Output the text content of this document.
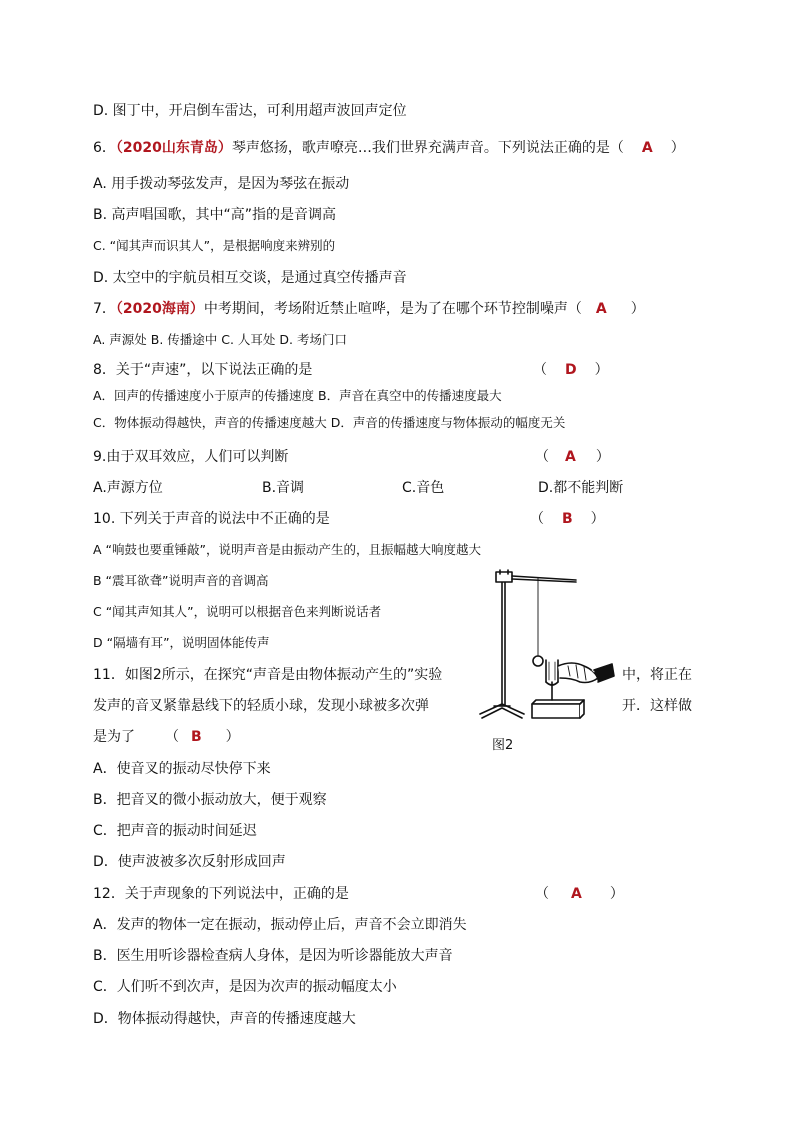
D. 图丁中，开启倒车雷达，可利用超声波回声定位
6．（2020山东青岛）琴声悠扬，歌声嘹亮…我们世界充满声音。下列说法正确的是（ A ）
A. 用手拨动琴弦发声，是因为琴弦在振动
B. 高声唱国歌，其中“高”指的是音调高
C. “闻其声而识其人”，是根据响度来辨别的
D. 太空中的宇航员相互交谈，是通过真空传播声音
7．（2020海南）中考期间，考场附近禁止喧哗，是为了在哪个环节控制噪声（ A ）
A. 声源处 B. 传播途中 C. 人耳处 D. 考场门口
8．关于“声速”，以下说法正确的是	（ D ）
A．回声的传播速度小于原声的传播速度 B．声音在真空中的传播速度最大
C．物体振动得越快，声音的传播速度越大 D．声音的传播速度与物体振动的幅度无关
9.由于双耳效应，人们可以判断	（ A ）
A.声源方位	B.音调	C.音色	D.都不能判断
10. 下列关于声音的说法中不正确的是	（ B ）
A “响鼓也要重锤敲”，说明声音是由振动产生的，且振幅越大响度越大
B “震耳欲聋”说明声音的音调高
C “闻其声知其人”，说明可以根据音色来判断说话者
D “隔墙有耳”，说明固体能传声
11．如图2所示，在探究“声音是由物体振动产生的”实验	中，将正在
发声的音叉紧靠悬线下的轻质小球，发现小球被多次弹	开．这样做
是为了 （ B ）
图2
A．使音叉的振动尽快停下来
B．把音叉的微小振动放大，便于观察
C．把声音的振动时间延迟
D．使声波被多次反射形成回声
12．关于声现象的下列说法中，正确的是	（ A ）
A．发声的物体一定在振动，振动停止后，声音不会立即消失
B．医生用听诊器检查病人身体，是因为听诊器能放大声音
C．人们听不到次声，是因为次声的振动幅度太小
D．物体振动得越快，声音的传播速度越大
